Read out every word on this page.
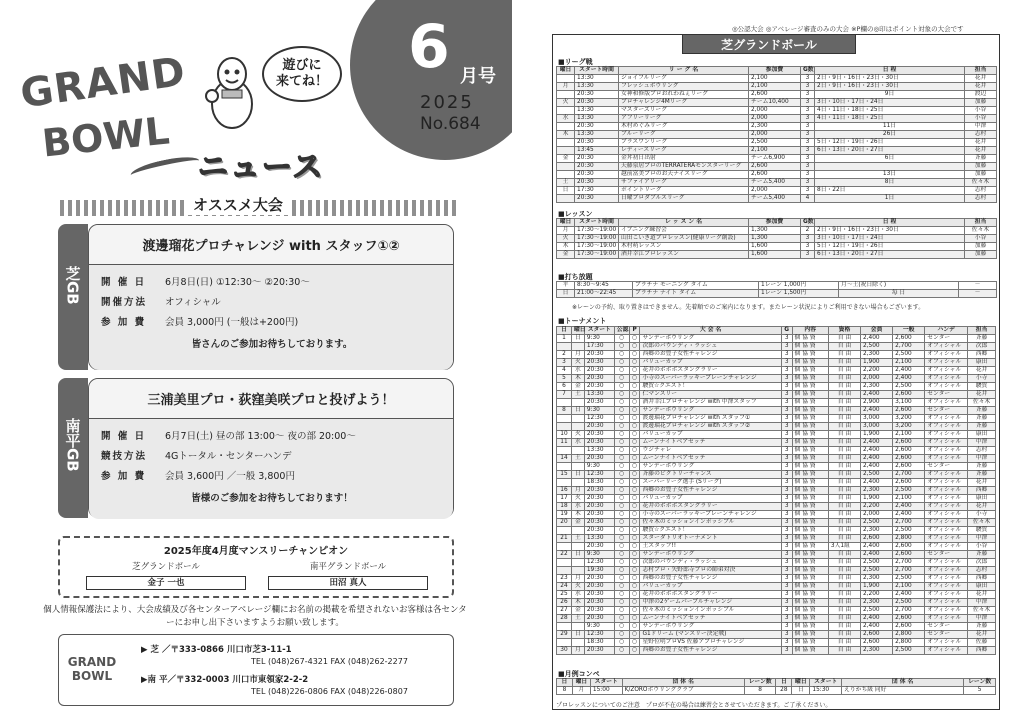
6 月号
2025
No.684
GRAND
BOWL
遊びに
来てね！
ニュース
オススメ大会
芝GB
渡邊瑠花プロチャレンジ with スタッフ①②
開 催 日	6月8日(日) ①12:30～ ②20:30～
開催方法	オフィシャル
参 加 費	会員 3,000円 (一般は+200円)
皆さんのご参加お待ちしております。
南平GB
三浦美里プロ・荻窪美咲プロと投げよう！
開 催 日	6月7日(土) 昼の部 13:00～ 夜の部 20:00～
競技方法	4Gトータル・センターハンデ
参 加 費	会員 3,600円 ／一般 3,800円
皆様のご参加をお待ちしております！
2025年度4月度マンスリーチャンピオン
芝グランドボール
金子 一也
南平グランドボール
田沼 真人
個人情報保護法により、大会成績及び各センターアベレージ欄にお名前の掲載を希望されないお客様は各センターにお申し出下さいますようお願い致します。
GRAND BOWL
▶ 芝 ／〒333-0866 川口市芝3-11-1
TEL (048)267-4321 FAX (048)262-2277
▶南 平／〒332-0003 川口市東領家2-2-2
TEL (048)226-0806 FAX (048)226-0807
◎公認大会 ◎アベレージ審査のみの大会 ※P欄の◎印はポイント対象の大会です
芝グランドボール
■リーグ戦
曜日	スタート時間	リ ー グ 名	参加費	G数	日 程	担当
	13:30	ジョイフルリーグ	2,100	3	2日・9日・16日・23日・30日	花井
月	13:30	フレッシュボウリング	2,100	3	2日・9日・16日・23日・30日	花井
	20:30	女神和修版プロおれわねぇリーグ	2,600	3	9日	渡辺
火	20:30	プロチャレンジ4Mリーグ	チーム10,400	3	3日・10日・17日・24日	加藤
	13:30	マスターズリーグ	2,000	3	4日・11日・18日・25日	小谷
水	13:30	アフリーリーグ	2,000	3	4日・11日・18日・25日	小谷
	20:30	木村めぐみリーグ	2,300	3	11日	中澤
木	13:30	ブルーリーグ	2,000	3	26日	志村
	20:30	プラスワンリーグ	2,500	3	5日・12日・19日・26日	花井
	13:45	レディースリーグ	2,100	3	6日・13日・20日・27日	花井
金	20:30	金丼初日出射	チーム6,900	3	6日	斉藤
	20:30	天藤泉居プロのTERRATERAモンスターリーグ	2,600	3		加藤
	20:30	越前富美プロのお天ナイスリーグ	2,600	3	13日	加藤
土	20:30	サファイアリーグ	チーム5,400	3	8日	佐々木
日	17:30	ポイントリーグ	2,000	3	8日・22日	志村
	20:30	日曜プロダブルスリーグ	チーム5,400	4	1日	志村
■レッスン
曜日	スタート時間	レ ッ ス ン 名	参加費	G数	日 程	担当
月	17:30～19:00	イブニング練習会	1,300	2	2日・9日・16日・23日・30日	佐々木
火	17:30～19:00	山田こいき道プロレッスン(健康リーグ創設)	1,300	3	3日・10日・17日・24日	小谷
木	17:30～19:00	木村萌レッスン	1,600	3	5日・12日・19日・26日	加藤
金	17:30～19:00	酒井幸江プロレッスン	1,600	3	6日・13日・20日・27日	加藤
■打ち放題
平	8:30～9:45	プラチナ モーニング タイム	1レーン 1,000円	月〜土(祝日除く)	－
日	21:00～22:45	プラチナ ナイト タイム	1レーン 1,500円	毎 日	－
※レーンの予約、取り置きはできません。先着順でのご案内になります。またレーン状況によりご利用できない場合もございます。
■トーナメント
日	曜日	スタート	公認	P	大 会 名	G	内容	資格	会員	一般	ハンデ	担当
1	日	9:30	○	○	サンデーボウリング	3	個 協 資	自 由	2,400	2,600	センター	斉藤
		17:30	○	○	次郎のパウンディ・ラッシュ	3	個 協 資	自 由	2,500	2,700	オフィシャル	次郎
2	月	20:30	○	○	西郷のお豊子女性チャレンジ	3	個 協 資	自 由	2,300	2,500	オフィシャル	西郷
3	火	20:30	○	○	バリューカップ	3	個 協 資	自 由	1,900	2,100	オフィシャル	康田
4	水	20:30	○	○	花井のボボボスタングラリー	3	個 協 資	自 由	2,200	2,400	オフィシャル	花井
5	木	20:30	○	○	小寺のスーパーラッキープレーンチャレンジ	3	個 協 資	自 由	2,000	2,400	オフィシャル	小寺
6	金	20:30	○	○	駿賀☆クエスト！	3	個 協 資	自 由	2,300	2,500	オフィシャル	駿賀
7	土	13:30	○	○	仁マンスリー	3	個 協 資	自 由	2,400	2,600	センター	花井
		20:30	○	○	酒井幸江プロチャレンジ with 中澤スタッフ	3	個 協 資	自 由	2,900	3,100	オフィシャル	佐々木
8	日	9:30	○	○	サンデーボウリング	3	個 協 資	自 由	2,400	2,600	センター	斉藤
		12:30	○	○	渡邊瑠花プロチャレンジ with スタッフ①	3	個 協 資	自 由	3,000	3,200	オフィシャル	斉藤
		20:30	○	○	渡邊瑠花プロチャレンジ with スタッフ②	3	個 協 資	自 由	3,000	3,200	オフィシャル	斉藤
10	火	20:30	○	○	バリューカップ	3	個 協 資	自 由	1,900	2,100	オフィシャル	康田
11	水	20:30	○	○	ムーンナイトベアセッテ	3	個 協 資	自 由	2,400	2,600	オフィシャル	中澤
		13:30	○	○	ウジチャレ	3	個 協 資	自 由	2,400	2,600	オフィシャル	志村
14	土	20:30	○	○	ムーンナイトベアセッテ	3	個 協 資	自 由	2,400	2,600	オフィシャル	中澤
		9:30	○	○	サンデーボウリング	3	個 協 資	自 由	2,400	2,600	センター	斉藤
15	日	12:30	○	○	斉藤のビクトリーチャンス	3	個 協 資	自 由	2,500	2,700	オフィシャル	斉藤
		18:30	○	○	スーパーリーグ選手 (Sリーグ)	3	個 協 資	自 由	2,400	2,600	オフィシャル	花井
16	月	20:30	○	○	西郷のお豊子女性チャレンジ	3	個 協 資	自 由	2,300	2,500	オフィシャル	西郷
17	火	20:30	○	○	バリューカップ	3	個 協 資	自 由	1,900	2,100	オフィシャル	康田
18	水	20:30	○	○	花井のボボボスタングラリー	3	個 協 資	自 由	2,200	2,400	オフィシャル	花井
19	木	20:30	○	○	小寺のスーパーラッキープレーンチャレンジ	3	個 協 資	自 由	2,000	2,400	オフィシャル	小寺
20	金	20:30	○	○	佐々木のミッションインポッシブル	3	個 協 資	自 由	2,500	2,700	オフィシャル	佐々木
		20:30	○	○	駿賀☆クエスト！	3	個 協 資	自 由	2,300	2,500	オフィシャル	駿賀
21	土	13:30	○	○	スターダトリオトーナメント	3	個 協 資	自 由	2,600	2,800	オフィシャル	中澤
		20:30	○	○	土スタッフ!!	3	個 協 資	3人1組	2,400	2,600	オフィシャル	小谷
22	日	9:30	○	○	サンデーボウリング	3	個 協 資	自 由	2,400	2,600	センター	斉藤
		12:30	○	○	次郎のパウンディ・ラッシュ	3	個 協 資	自 由	2,500	2,700	オフィシャル	次郎
		19:30	○	○	志村プロ・矢野郎寺プロの師弟対決	3	個 協 資	自 由	2,500	2,700	オフィシャル	志村
23	月	20:30	○	○	西郷のお豊子女性チャレンジ	3	個 協 資	自 由	2,300	2,500	オフィシャル	西郷
24	火	20:30	○	○	バリューカップ	3	個 協 資	自 由	1,900	2,100	オフィシャル	康田
25	水	20:30	○	○	花井のボボボスタングラリー	3	個 協 資	自 由	2,200	2,400	オフィシャル	花井
26	木	20:30	○	○	中澤の2ゲームパープルチャレンジ	3	個 協 資	自 由	2,300	2,500	オフィシャル	中澤
27	金	20:30	○	○	佐々木のミッションインポッシブル	3	個 協 資	自 由	2,500	2,700	オフィシャル	佐々木
28	土	20:30	○	○	ムーンナイトベアセッテ	3	個 協 資	自 由	2,400	2,600	オフィシャル	中澤
		9:30	○	○	サンデーボウリング	3	個 協 資	自 由	2,400	2,600	センター	斉藤
29	日	12:30	○	○	G1ドリーム (マンスリー決定戦)	3	個 協 資	自 由	2,600	2,800	センター	花井
		18:30	○	○	星野位明プロVS 佐藤アプロチャレンジ	3	個 協 資	自 由	2,600	2,800	オフィシャル	佐藤
30	月	20:30	○	○	西郷のお豊子女性チャレンジ	3	個 協 資	自 由	2,300	2,500	オフィシャル	西郷
■月例コンペ
日	曜日	スタート	団 体 名	レーン数	日	曜日	スタート	団 体 名	レーン数
8	月	15:00	K/ZOROボウリングクラブ	8	28	日	15:30	えりかち級 同好	5
プロレッスンについてのご注意　プロが不在の場合は練習会とさせていただきます。ご了承ください。
